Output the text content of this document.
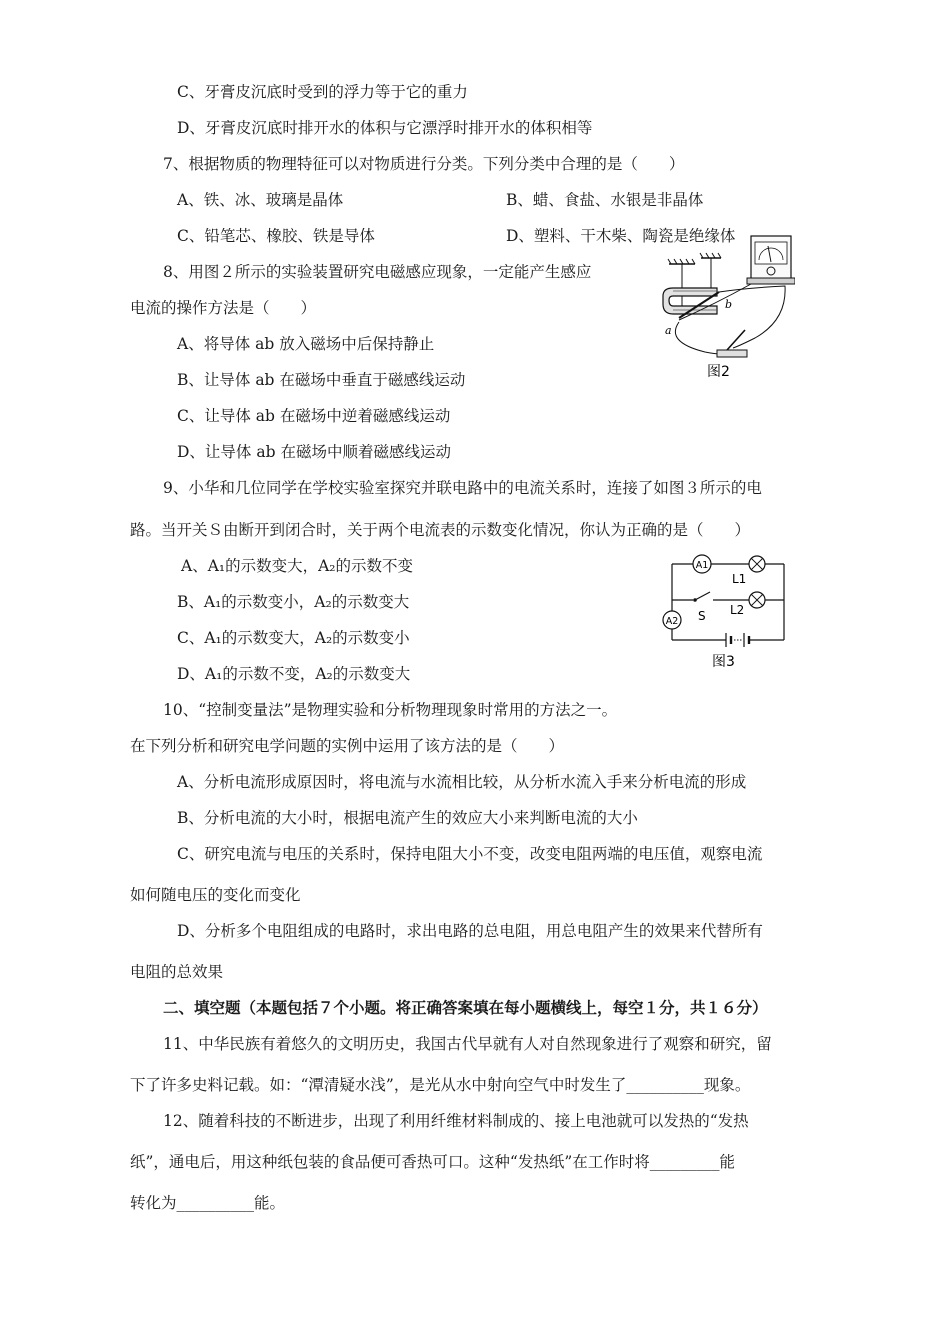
C、牙膏皮沉底时受到的浮力等于它的重力
D、牙膏皮沉底时排开水的体积与它漂浮时排开水的体积相等
7、根据物质的物理特征可以对物质进行分类。下列分类中合理的是（　　）
A、铁、冰、玻璃是晶体	B、蜡、食盐、水银是非晶体
C、铅笔芯、橡胶、铁是导体	D、塑料、干木柴、陶瓷是绝缘体
8、用图２所示的实验装置研究电磁感应现象，一定能产生感应
电流的操作方法是（　　）
A、将导体 ab 放入磁场中后保持静止
B、让导体 ab 在磁场中垂直于磁感线运动
C、让导体 ab 在磁场中逆着磁感线运动
D、让导体 ab 在磁场中顺着磁感线运动
a
b
图2
9、小华和几位同学在学校实验室探究并联电路中的电流关系时，连接了如图３所示的电
路。当开关Ｓ由断开到闭合时，关于两个电流表的示数变化情况，你认为正确的是（　　）
A、A₁的示数变大，A₂的示数不变
B、A₁的示数变小，A₂的示数变大
C、A₁的示数变大，A₂的示数变小
D、A₁的示数不变，A₂的示数变大
A1
L1
S L2
A2
图3
10、“控制变量法”是物理实验和分析物理现象时常用的方法之一。
在下列分析和研究电学问题的实例中运用了该方法的是（　　）
A、分析电流形成原因时，将电流与水流相比较，从分析水流入手来分析电流的形成
B、分析电流的大小时，根据电流产生的效应大小来判断电流的大小
C、研究电流与电压的关系时，保持电阻大小不变，改变电阻两端的电压值，观察电流
如何随电压的变化而变化
D、分析多个电阻组成的电路时，求出电路的总电阻，用总电阻产生的效果来代替所有
电阻的总效果
二、填空题（本题包括７个小题。将正确答案填在每小题横线上，每空１分，共１６分）
11、中华民族有着悠久的文明历史，我国古代早就有人对自然现象进行了观察和研究，留
下了许多史料记载。如：“潭清疑水浅”，是光从水中射向空气中时发生了__________现象。
12、随着科技的不断进步，出现了利用纤维材料制成的、接上电池就可以发热的“发热
纸”，通电后，用这种纸包装的食品便可香热可口。这种“发热纸”在工作时将_________能
转化为__________能。
